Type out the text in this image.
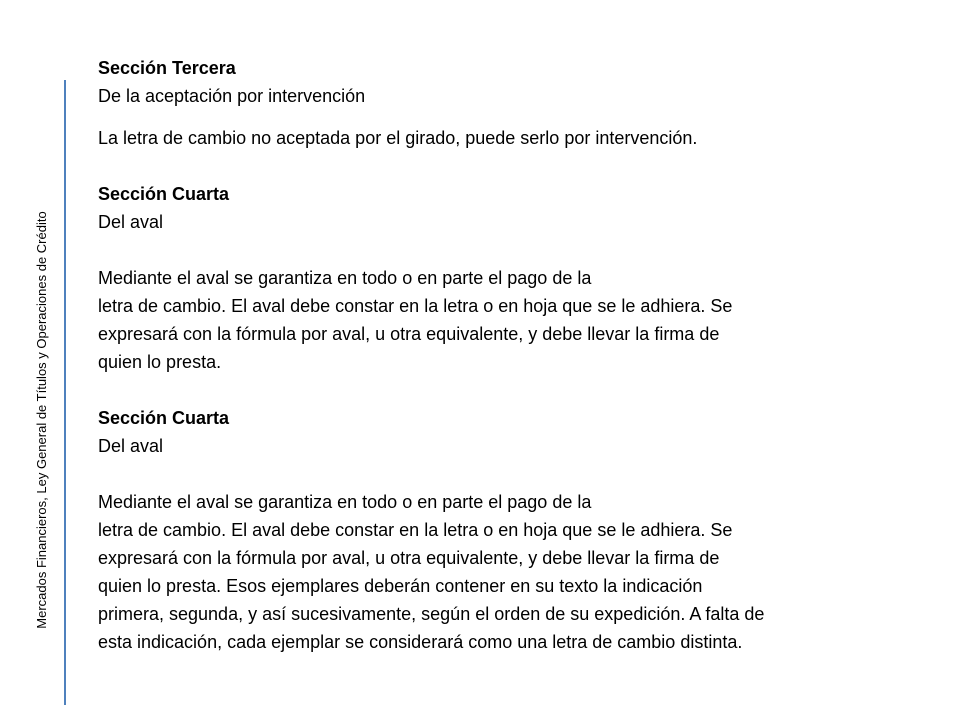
Mercados Financieros, Ley General de Títulos y Operaciones de Crédito
Sección Tercera
De la aceptación por intervención
La letra de cambio no aceptada por el girado, puede serlo por intervención.
Sección Cuarta
Del aval
Mediante el aval se garantiza en todo o en parte el pago de la
letra de cambio. El aval debe constar en la letra o en hoja que se le adhiera. Se
expresará con la fórmula por aval, u otra equivalente, y debe llevar la firma de
quien lo presta.
Sección Cuarta
Del aval
Mediante el aval se garantiza en todo o en parte el pago de la
letra de cambio. El aval debe constar en la letra o en hoja que se le adhiera. Se
expresará con la fórmula por aval, u otra equivalente, y debe llevar la firma de
quien lo presta. Esos ejemplares deberán contener en su texto la indicación
primera, segunda, y así sucesivamente, según el orden de su expedición. A falta de
esta indicación, cada ejemplar se considerará como una letra de cambio distinta.
